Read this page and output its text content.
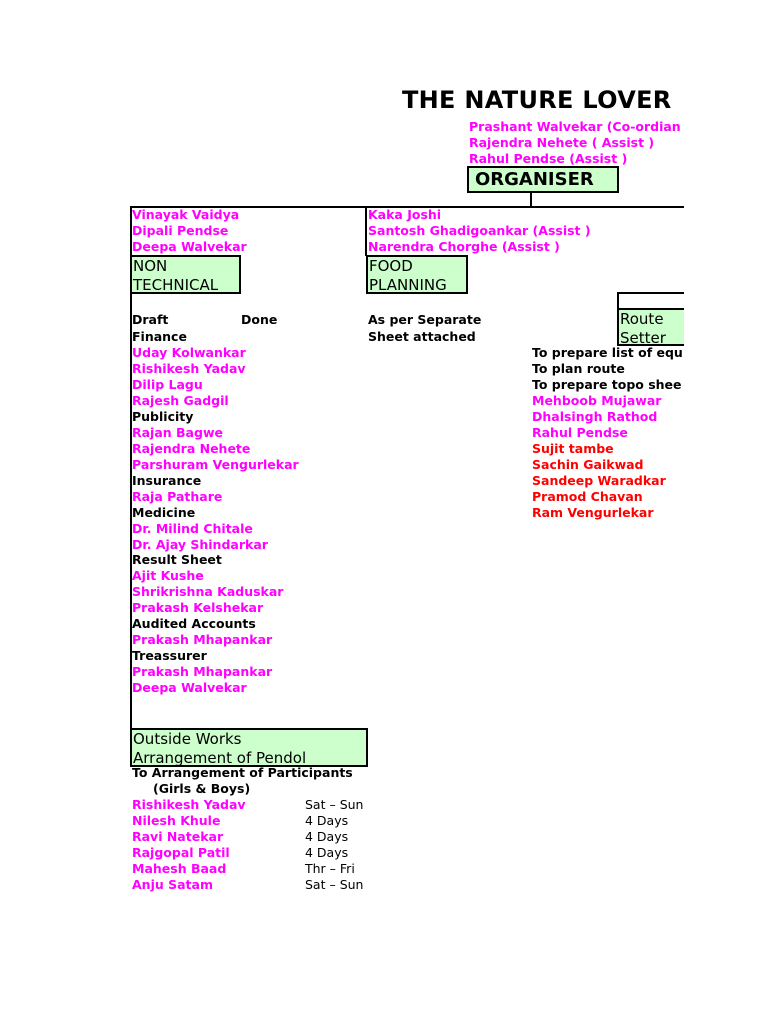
THE NATURE LOVER
Prashant Walvekar (Co-ordian
Rajendra Nehete ( Assist )
Rahul Pendse (Assist )
ORGANISER
Vinayak Vaidya
Dipali Pendse
Deepa Walvekar
NON
TECHNICAL
Kaka Joshi
Santosh Ghadigoankar (Assist )
Narendra Chorghe (Assist )
FOOD
PLANNING
As per Separate
Sheet attached
Route
Setter
To prepare list of equ
To plan route
To prepare topo shee
Mehboob Mujawar
Dhalsingh Rathod
Rahul Pendse
Sujit tambe
Sachin Gaikwad
Sandeep Waradkar
Pramod Chavan
Ram Vengurlekar
Draft	Done
Finance
Uday Kolwankar
Rishikesh Yadav
Dilip Lagu
Rajesh Gadgil
Publicity
Rajan Bagwe
Rajendra Nehete
Parshuram Vengurlekar
Insurance
Raja Pathare
Medicine
Dr. Milind Chitale
Dr. Ajay Shindarkar
Result Sheet
Ajit Kushe
Shrikrishna Kaduskar
Prakash Kelshekar
Audited Accounts
Prakash Mhapankar
Treassurer
Prakash Mhapankar
Deepa Walvekar
Outside Works
Arrangement of Pendol
To Arrangement of Participants
(Girls & Boys)
Rishikesh Yadav	Sat – Sun
Nilesh Khule	4 Days
Ravi Natekar	4 Days
Rajgopal Patil	4 Days
Mahesh Baad	Thr – Fri
Anju Satam	Sat – Sun
